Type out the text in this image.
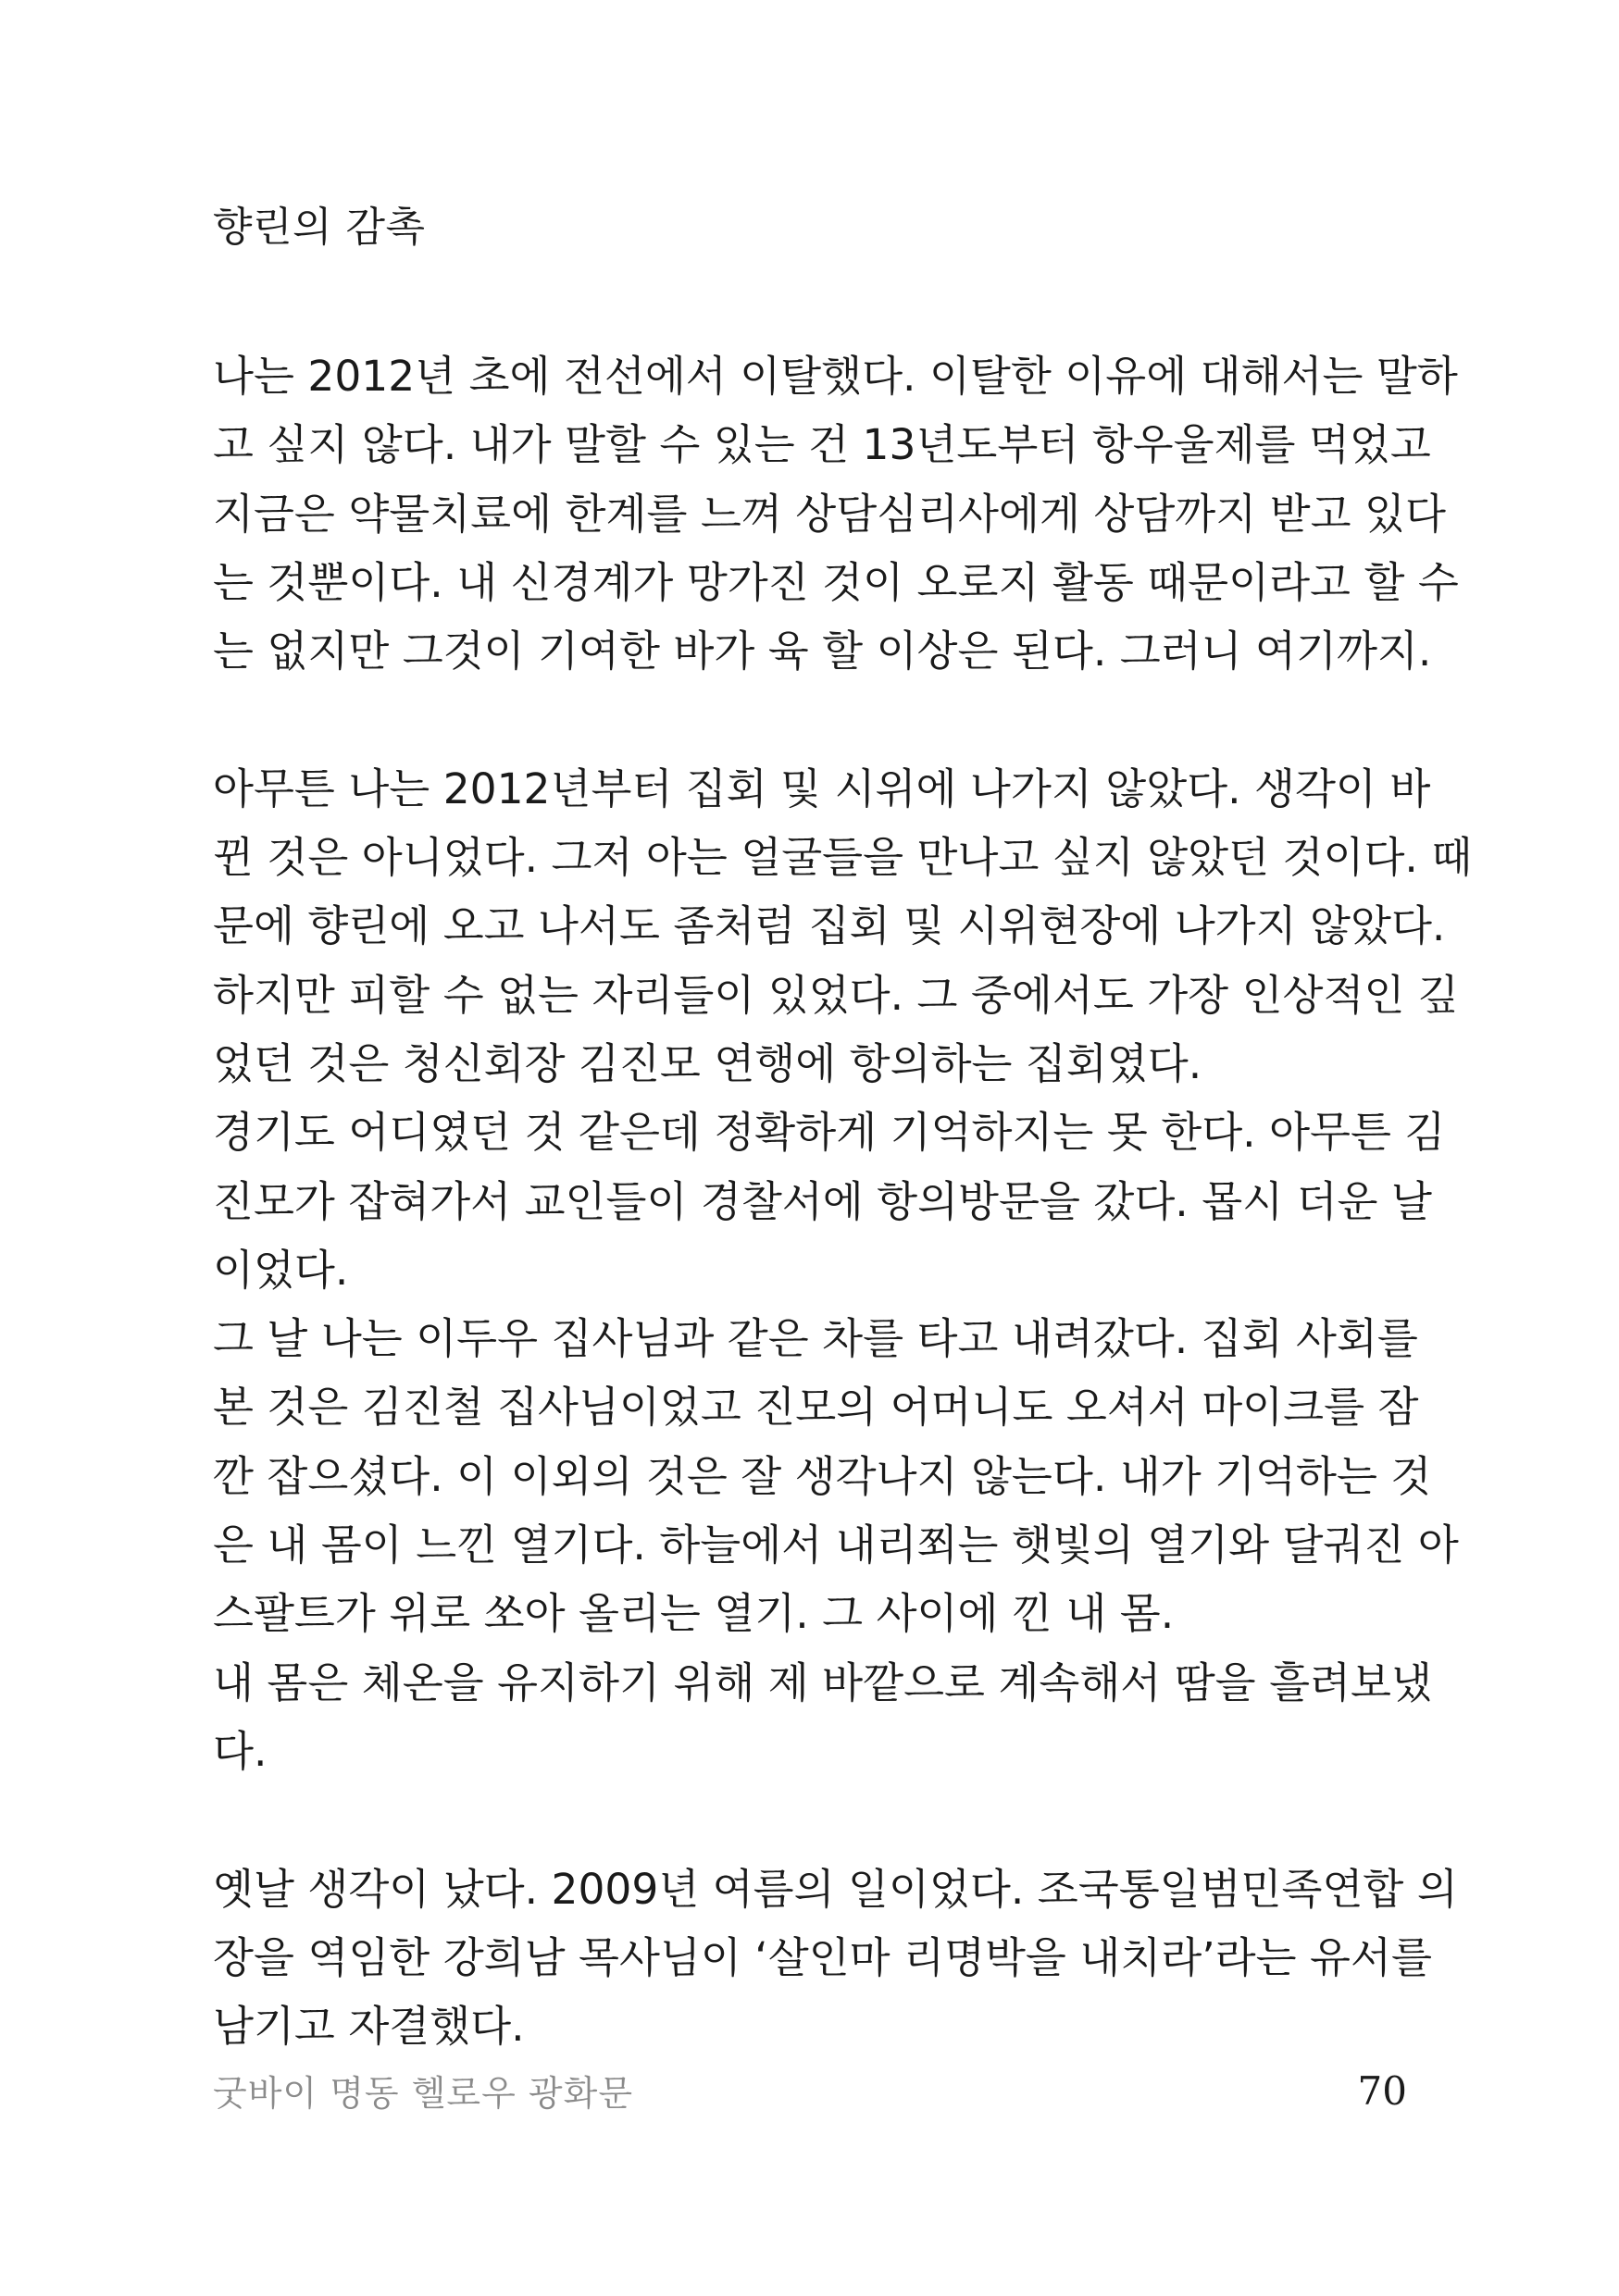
향린의 감촉
나는 2012년 초에 전선에서 이탈했다. 이탈한 이유에 대해서는 말하
고 싶지 않다. 내가 말할 수 있는 건 13년도부터 항우울제를 먹었고
지금은 약물치료에 한계를 느껴 상담심리사에게 상담까지 받고 있다
는 것뿐이다. 내 신경계가 망가진 것이 오로지 활동 때문이라고 할 수
는 없지만 그것이 기여한 바가 육 할 이상은 된다. 그러니 여기까지.
아무튼 나는 2012년부터 집회 및 시위에 나가지 않았다. 생각이 바
뀐 것은 아니었다. 그저 아는 얼굴들을 만나고 싶지 않았던 것이다. 때
문에 향린에 오고 나서도 좀처럼 집회 및 시위현장에 나가지 않았다.
하지만 피할 수 없는 자리들이 있었다. 그 중에서도 가장 인상적인 깊
었던 것은 청신회장 김진모 연행에 항의하는 집회였다.
경기도 어디였던 것 같은데 정확하게 기억하지는 못 한다. 아무튼 김
진모가 잡혀가서 교인들이 경찰서에 항의방문을 갔다. 몹시 더운 날
이었다.
그 날 나는 이두우 집사님과 같은 차를 타고 내려갔다. 집회 사회를
본 것은 김진철 집사님이었고 진모의 어머니도 오셔서 마이크를 잠
깐 잡으셨다. 이 이외의 것은 잘 생각나지 않는다. 내가 기억하는 것
은 내 몸이 느낀 열기다. 하늘에서 내리쬐는 햇빛의 열기와 달궈진 아
스팔트가 위로 쏘아 올리는 열기. 그 사이에 낀 내 몸.
내 몸은 체온을 유지하기 위해 제 바깥으로 계속해서 땀을 흘려보냈
다.
옛날 생각이 났다. 2009년 여름의 일이었다. 조국통일범민족연합 의
장을 역임한 강희남 목사님이 ‘살인마 리명박을 내치라’라는 유서를
남기고 자결했다.
굿바이 명동 헬로우 광화문	70
